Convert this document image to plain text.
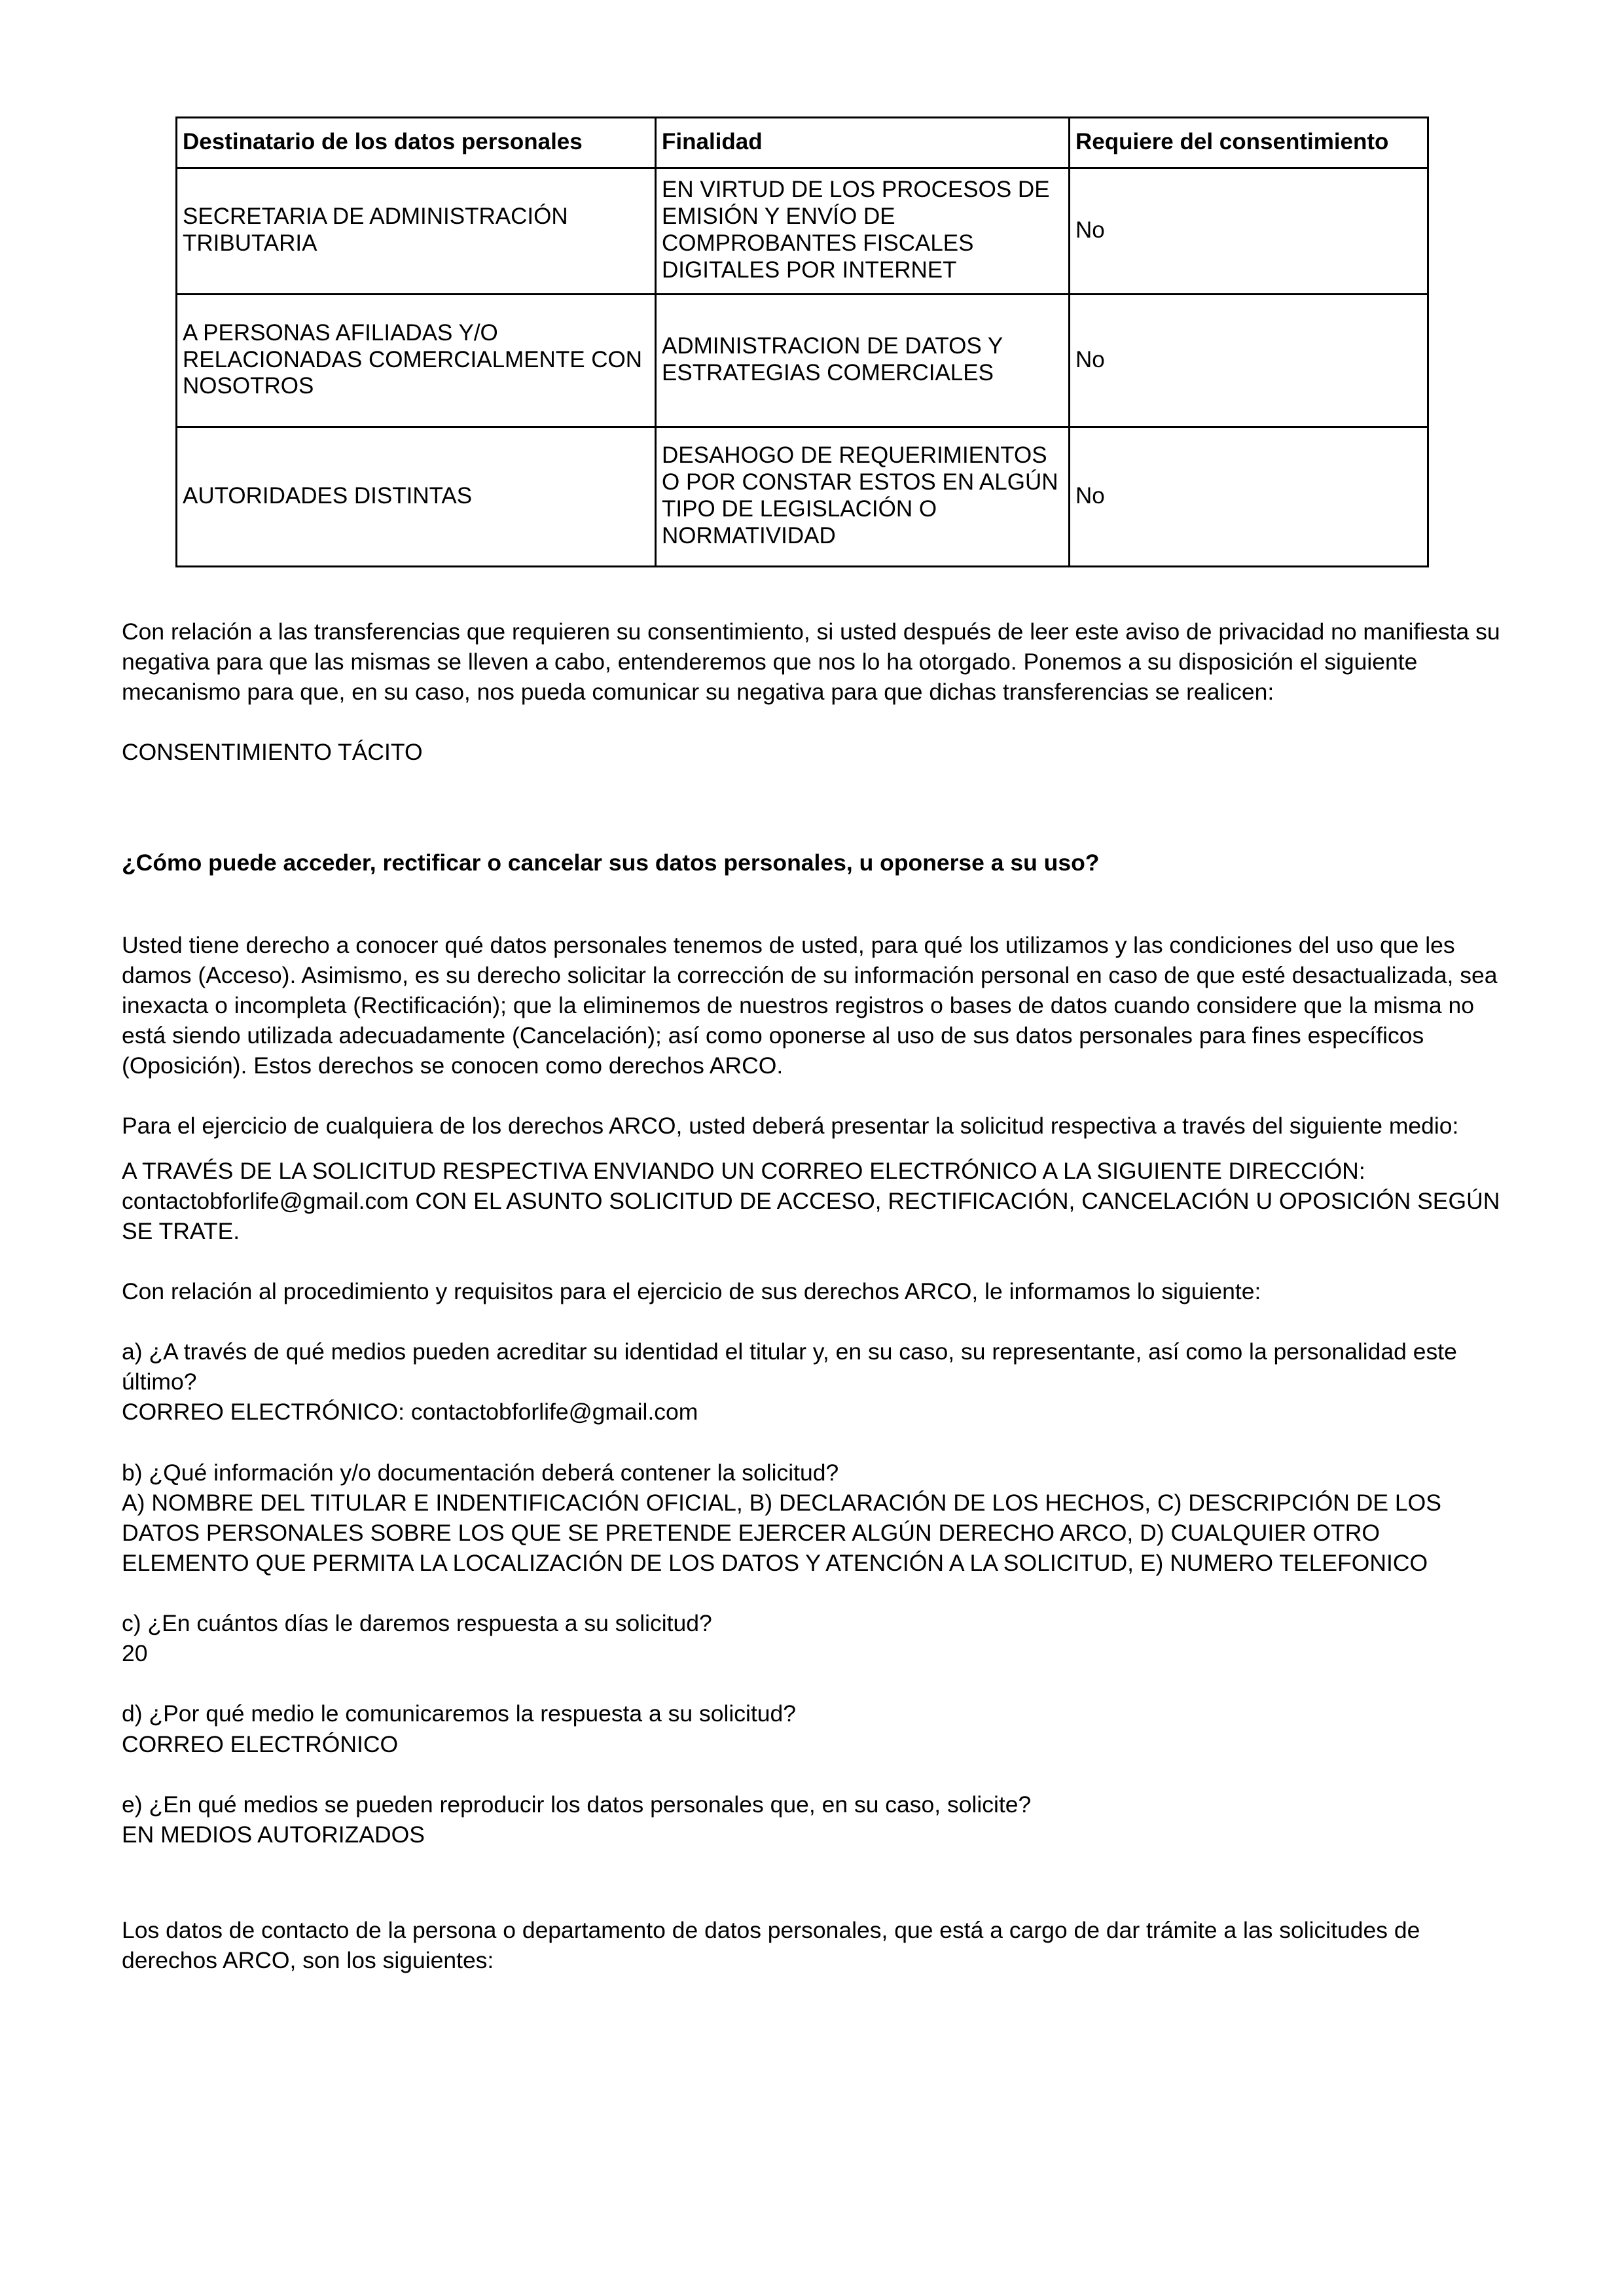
Destinatario de los datos personales	Finalidad	Requiere del consentimiento
SECRETARIA DE ADMINISTRACIÓN TRIBUTARIA	EN VIRTUD DE LOS PROCESOS DE EMISIÓN Y ENVÍO DE COMPROBANTES FISCALES DIGITALES POR INTERNET	No
A PERSONAS AFILIADAS Y/O RELACIONADAS COMERCIALMENTE CON NOSOTROS	ADMINISTRACION DE DATOS Y ESTRATEGIAS COMERCIALES	No
AUTORIDADES DISTINTAS	DESAHOGO DE REQUERIMIENTOS O POR CONSTAR ESTOS EN ALGÚN TIPO DE LEGISLACIÓN O NORMATIVIDAD	No

Con relación a las transferencias que requieren su consentimiento, si usted después de leer este aviso de privacidad no manifiesta su negativa para que las mismas se lleven a cabo, entenderemos que nos lo ha otorgado. Ponemos a su disposición el siguiente mecanismo para que, en su caso, nos pueda comunicar su negativa para que dichas transferencias se realicen:

CONSENTIMIENTO TÁCITO

¿Cómo puede acceder, rectificar o cancelar sus datos personales, u oponerse a su uso?

Usted tiene derecho a conocer qué datos personales tenemos de usted, para qué los utilizamos y las condiciones del uso que les damos (Acceso). Asimismo, es su derecho solicitar la corrección de su información personal en caso de que esté desactualizada, sea inexacta o incompleta (Rectificación); que la eliminemos de nuestros registros o bases de datos cuando considere que la misma no está siendo utilizada adecuadamente (Cancelación); así como oponerse al uso de sus datos personales para fines específicos (Oposición). Estos derechos se conocen como derechos ARCO.

Para el ejercicio de cualquiera de los derechos ARCO, usted deberá presentar la solicitud respectiva a través del siguiente medio:

A TRAVÉS DE LA SOLICITUD RESPECTIVA ENVIANDO UN CORREO ELECTRÓNICO A LA SIGUIENTE DIRECCIÓN: contactobforlife@gmail.com CON EL ASUNTO SOLICITUD DE ACCESO, RECTIFICACIÓN, CANCELACIÓN U OPOSICIÓN SEGÚN SE TRATE.

Con relación al procedimiento y requisitos para el ejercicio de sus derechos ARCO, le informamos lo siguiente:

a) ¿A través de qué medios pueden acreditar su identidad el titular y, en su caso, su representante, así como la personalidad este último?

CORREO ELECTRÓNICO: contactobforlife@gmail.com

b) ¿Qué información y/o documentación deberá contener la solicitud?

A) NOMBRE DEL TITULAR E INDENTIFICACIÓN OFICIAL, B) DECLARACIÓN DE LOS HECHOS, C) DESCRIPCIÓN DE LOS DATOS PERSONALES SOBRE LOS QUE SE PRETENDE EJERCER ALGÚN DERECHO ARCO, D) CUALQUIER OTRO ELEMENTO QUE PERMITA LA LOCALIZACIÓN DE LOS DATOS Y ATENCIÓN A LA SOLICITUD, E) NUMERO TELEFONICO

c) ¿En cuántos días le daremos respuesta a su solicitud?

20

d) ¿Por qué medio le comunicaremos la respuesta a su solicitud?

CORREO ELECTRÓNICO

e) ¿En qué medios se pueden reproducir los datos personales que, en su caso, solicite?

EN MEDIOS AUTORIZADOS

Los datos de contacto de la persona o departamento de datos personales, que está a cargo de dar trámite a las solicitudes de derechos ARCO, son los siguientes:
